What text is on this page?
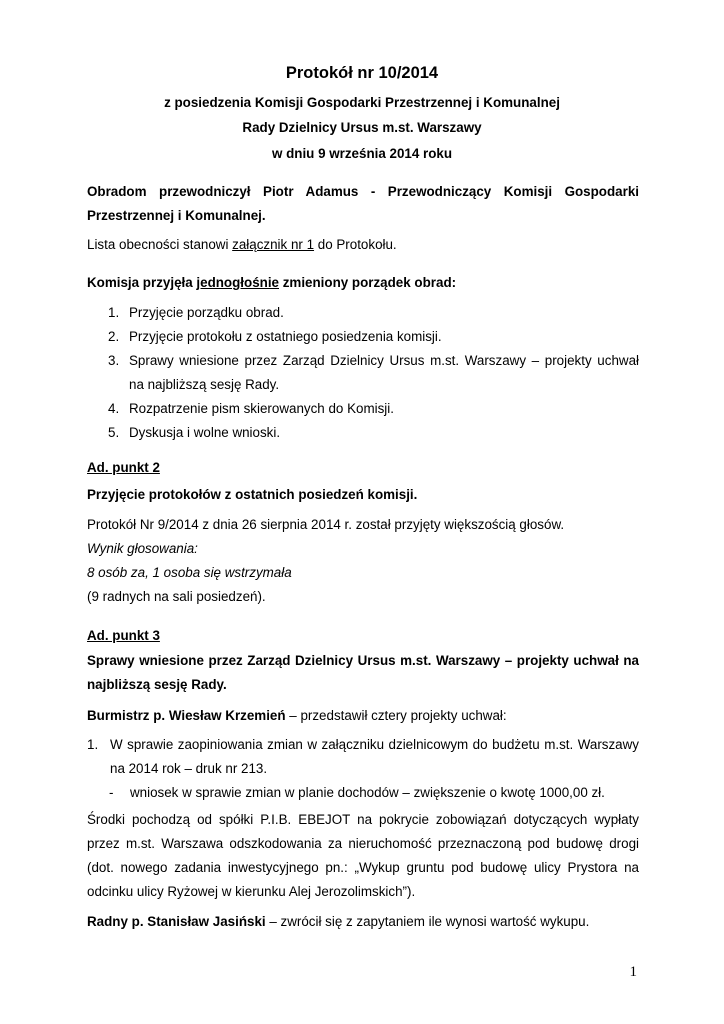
Protokół nr 10/2014
z posiedzenia Komisji Gospodarki Przestrzennej i Komunalnej
Rady Dzielnicy Ursus m.st. Warszawy
w dniu 9 września 2014 roku
Obradom przewodniczył Piotr Adamus - Przewodniczący Komisji Gospodarki
Przestrzennej i Komunalnej.
Lista obecności stanowi załącznik nr 1 do Protokołu.
Komisja przyjęła jednogłośnie zmieniony porządek obrad:
1. Przyjęcie porządku obrad.
2. Przyjęcie protokołu z ostatniego posiedzenia komisji.
3. Sprawy wniesione przez Zarząd Dzielnicy Ursus m.st. Warszawy – projekty uchwał
na najbliższą sesję Rady.
4. Rozpatrzenie pism skierowanych do Komisji.
5. Dyskusja i wolne wnioski.
Ad. punkt 2
Przyjęcie protokołów z ostatnich posiedzeń komisji.
Protokół Nr 9/2014 z dnia 26 sierpnia 2014 r. został przyjęty większością głosów.
Wynik głosowania:
8 osób za, 1 osoba się wstrzymała
(9 radnych na sali posiedzeń).
Ad. punkt 3
Sprawy wniesione przez Zarząd Dzielnicy Ursus m.st. Warszawy – projekty uchwał na
najbliższą sesję Rady.
Burmistrz p. Wiesław Krzemień – przedstawił cztery projekty uchwał:
1. W sprawie zaopiniowania zmian w załączniku dzielnicowym do budżetu m.st. Warszawy
na 2014 rok – druk nr 213.
- wniosek w sprawie zmian w planie dochodów – zwiększenie o kwotę 1000,00 zł.
Środki pochodzą od spółki P.I.B. EBEJOT na pokrycie zobowiązań dotyczących wypłaty
przez m.st. Warszawa odszkodowania za nieruchomość przeznaczoną pod budowę drogi
(dot. nowego zadania inwestycyjnego pn.: „Wykup gruntu pod budowę ulicy Prystora na
odcinku ulicy Ryżowej w kierunku Alej Jerozolimskich”).
Radny p. Stanisław Jasiński – zwrócił się z zapytaniem ile wynosi wartość wykupu.
1
